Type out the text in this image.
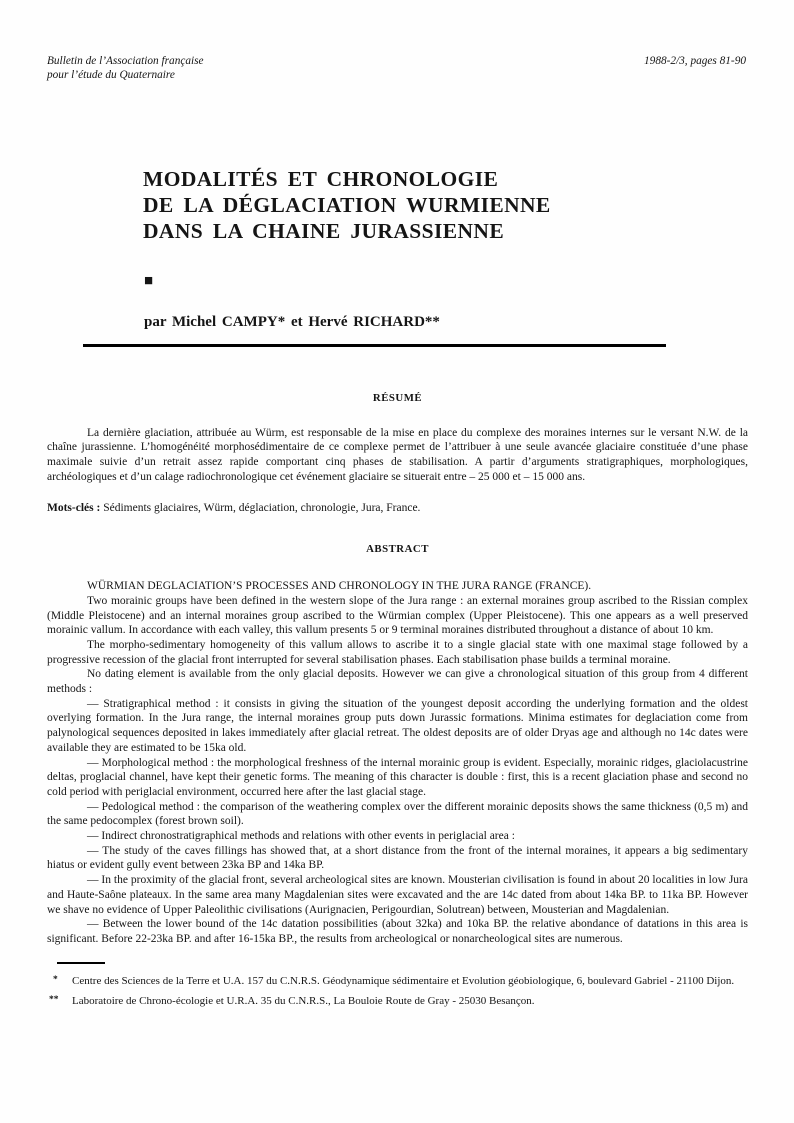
Bulletin de l’Association française
pour l’étude du Quaternaire
1988-2/3, pages 81-90
MODALITÉS ET CHRONOLOGIE
DE LA DÉGLACIATION WURMIENNE
DANS LA CHAINE JURASSIENNE
■
par Michel CAMPY* et Hervé RICHARD**
RÉSUMÉ

La dernière glaciation, attribuée au Würm, est responsable de la mise en place du complexe des moraines internes sur le versant N.W. de la chaîne jurassienne. L’homogénéité morphosédimentaire de ce complexe permet de l’attribuer à une seule avancée glaciaire constituée d’une phase maximale suivie d’un retrait assez rapide comportant cinq phases de stabilisation. A partir d’arguments stratigraphiques, morphologiques, archéologiques et d’un calage radiochronologique cet événement glaciaire se situerait entre – 25 000 et – 15 000 ans.

Mots-clés : Sédiments glaciaires, Würm, déglaciation, chronologie, Jura, France.

ABSTRACT

WÜRMIAN DEGLACIATION’S PROCESSES AND CHRONOLOGY IN THE JURA RANGE (FRANCE).

Two morainic groups have been defined in the western slope of the Jura range : an external moraines group ascribed to the Rissian complex (Middle Pleistocene) and an internal moraines group ascribed to the Würmian complex (Upper Pleistocene). This one appears as a well preserved morainic vallum. In accordance with each valley, this vallum presents 5 or 9 terminal moraines distributed throughout a distance of about 10 km.

The morpho-sedimentary homogeneity of this vallum allows to ascribe it to a single glacial state with one maximal stage followed by a progressive recession of the glacial front interrupted for several stabilisation phases. Each stabilisation phase builds a terminal moraine.

No dating element is available from the only glacial deposits. However we can give a chronological situation of this group from 4 different methods :

— Stratigraphical method : it consists in giving the situation of the youngest deposit according the underlying formation and the oldest overlying formation. In the Jura range, the internal moraines group puts down Jurassic formations. Minima estimates for deglaciation come from palynological sequences deposited in lakes immediately after glacial retreat. The oldest deposits are of older Dryas age and although no 14c dates were available they are estimated to be 15ka old.

— Morphological method : the morphological freshness of the internal morainic group is evident. Especially, morainic ridges, glaciolacustrine deltas, proglacial channel, have kept their genetic forms. The meaning of this character is double : first, this is a recent glaciation phase and second no cold period with periglacial environment, occurred here after the last glacial stage.

— Pedological method : the comparison of the weathering complex over the different morainic deposits shows the same thickness (0,5 m) and the same pedocomplex (forest brown soil).

— Indirect chronostratigraphical methods and relations with other events in periglacial area :

— The study of the caves fillings has showed that, at a short distance from the front of the internal moraines, it appears a big sedimentary hiatus or evident gully event between 23ka BP and 14ka BP.

— In the proximity of the glacial front, several archeological sites are known. Mousterian civilisation is found in about 20 localities in low Jura and Haute-Saône plateaux. In the same area many Magdalenian sites were excavated and the are 14c dated from about 14ka BP. to 11ka BP. However we shave no evidence of Upper Paleolithic civilisations (Aurignacien, Perigourdian, Solutrean) between, Mousterian and Magdalenian.

— Between the lower bound of the 14c datation possibilities (about 32ka) and 10ka BP. the relative abondance of datations in this area is significant. Before 22-23ka BP. and after 16-15ka BP., the results from archeological or nonarcheological sites are numerous.

* Centre des Sciences de la Terre et U.A. 157 du C.N.R.S. Géodynamique sédimentaire et Evolution géobiologique, 6, boulevard Gabriel - 21100 Dijon.

** Laboratoire de Chrono-écologie et U.R.A. 35 du C.N.R.S., La Bouloie Route de Gray - 25030 Besançon.
